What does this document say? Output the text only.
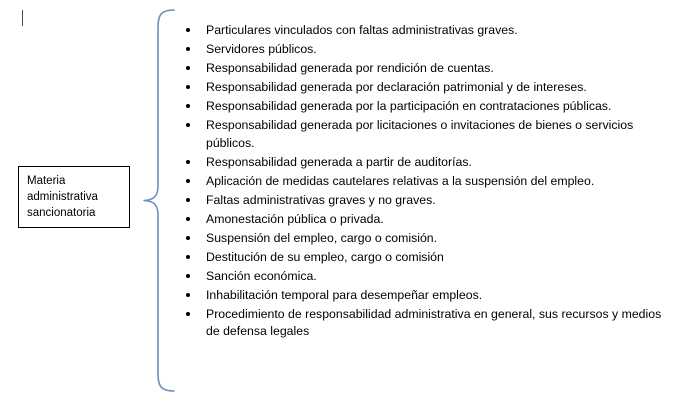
Materia
administrativa
sancionatoria
Particulares vinculados con faltas administrativas graves.
Servidores públicos.
Responsabilidad generada por rendición de cuentas.
Responsabilidad generada por declaración patrimonial y de intereses.
Responsabilidad generada por la participación en contrataciones públicas.
Responsabilidad generada por licitaciones o invitaciones de bienes o servicios públicos.
Responsabilidad generada a partir de auditorías.
Aplicación de medidas cautelares relativas a la suspensión del empleo.
Faltas administrativas graves y no graves.
Amonestación pública o privada.
Suspensión del empleo, cargo o comisión.
Destitución de su empleo, cargo o comisión
Sanción económica.
Inhabilitación temporal para desempeñar empleos.
Procedimiento de responsabilidad administrativa en general, sus recursos y medios de defensa legales
